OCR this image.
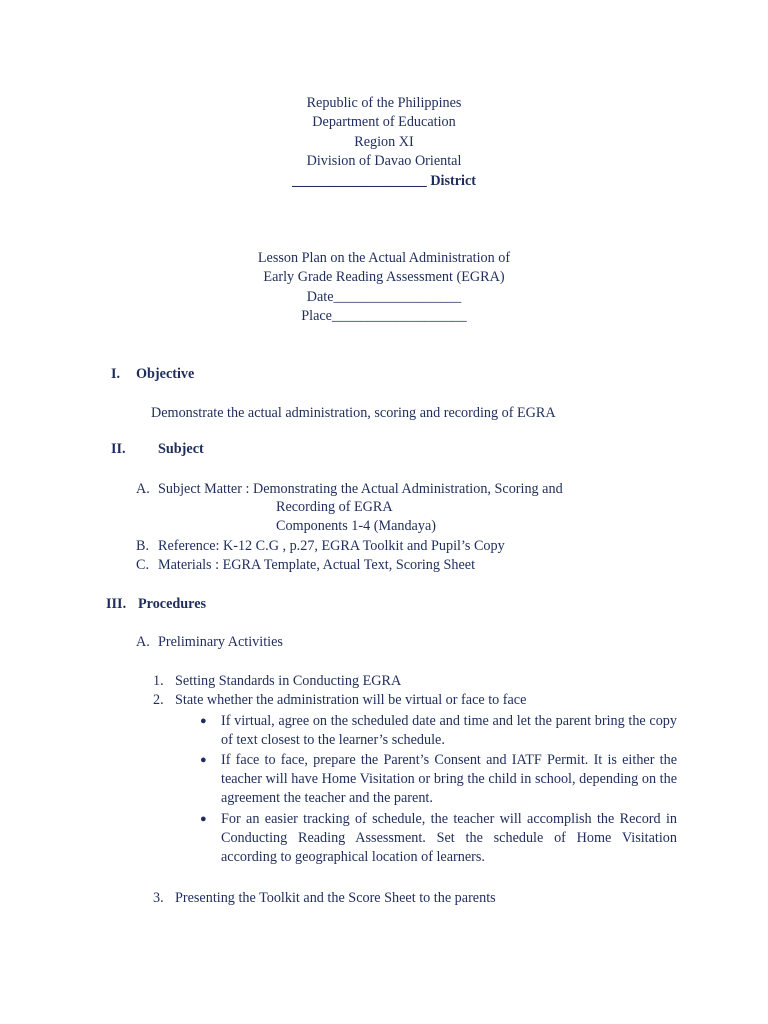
Republic of the Philippines
Department of Education
Region XI
Division of Davao Oriental
___________________ District
Lesson Plan on the Actual Administration of
Early Grade Reading Assessment (EGRA)
Date__________________
Place___________________
I. Objective
Demonstrate the actual administration, scoring and recording of EGRA
II. Subject
A. Subject Matter : Demonstrating the Actual Administration, Scoring and
Recording of EGRA
Components 1-4 (Mandaya)
B. Reference: K-12 C.G , p.27, EGRA Toolkit and Pupil’s Copy
C. Materials : EGRA Template, Actual Text, Scoring Sheet
III. Procedures
A. Preliminary Activities
1. Setting Standards in Conducting EGRA
2. State whether the administration will be virtual or face to face
● If virtual, agree on the scheduled date and time and let the parent bring the copy of text closest to the learner’s schedule.
● If face to face, prepare the Parent’s Consent and IATF Permit. It is either the teacher will have Home Visitation or bring the child in school, depending on the agreement the teacher and the parent.
● For an easier tracking of schedule, the teacher will accomplish the Record in Conducting Reading Assessment. Set the schedule of Home Visitation according to geographical location of learners.
3. Presenting the Toolkit and the Score Sheet to the parents
